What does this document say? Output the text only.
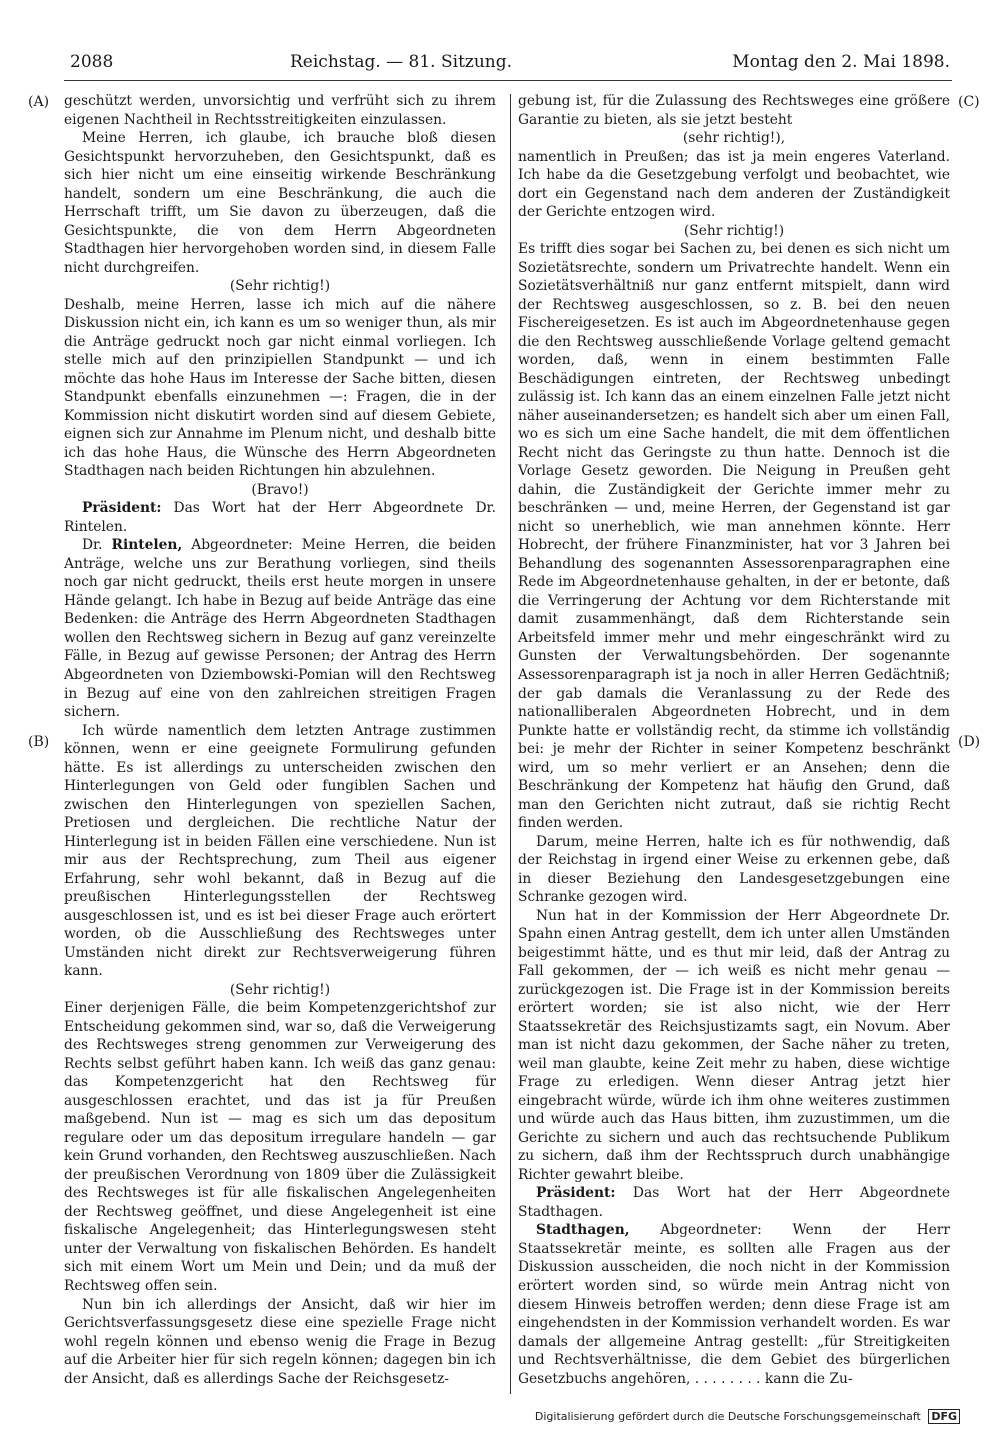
2088	Reichstag. — 81. Sitzung.	Montag den 2. Mai 1898.
(A)
(B)
(C)
(D)

geschützt werden, unvorsichtig und verfrüht sich zu ihrem eigenen Nachtheil in Rechtsstreitigkeiten einzulassen.

Meine Herren, ich glaube, ich brauche bloß diesen Gesichtspunkt hervorzuheben, den Gesichtspunkt, daß es sich hier nicht um eine einseitig wirkende Beschränkung handelt, sondern um eine Beschränkung, die auch die Herrschaft trifft, um Sie davon zu überzeugen, daß die Gesichtspunkte, die von dem Herrn Abgeordneten Stadthagen hier hervorgehoben worden sind, in diesem Falle nicht durchgreifen.

(Sehr richtig!)

Deshalb, meine Herren, lasse ich mich auf die nähere Diskussion nicht ein, ich kann es um so weniger thun, als mir die Anträge gedruckt noch gar nicht einmal vorliegen. Ich stelle mich auf den prinzipiellen Standpunkt — und ich möchte das hohe Haus im Interesse der Sache bitten, diesen Standpunkt ebenfalls einzunehmen —: Fragen, die in der Kommission nicht diskutirt worden sind auf diesem Gebiete, eignen sich zur Annahme im Plenum nicht, und deshalb bitte ich das hohe Haus, die Wünsche des Herrn Abgeordneten Stadthagen nach beiden Richtungen hin abzulehnen.

(Bravo!)

Präsident: Das Wort hat der Herr Abgeordnete Dr. Rintelen.

Dr. Rintelen, Abgeordneter: Meine Herren, die beiden Anträge, welche uns zur Berathung vorliegen, sind theils noch gar nicht gedruckt, theils erst heute morgen in unsere Hände gelangt. Ich habe in Bezug auf beide Anträge das eine Bedenken: die Anträge des Herrn Abgeordneten Stadthagen wollen den Rechtsweg sichern in Bezug auf ganz vereinzelte Fälle, in Bezug auf gewisse Personen; der Antrag des Herrn Abgeordneten von Dziembowski-Pomian will den Rechtsweg in Bezug auf eine von den zahlreichen streitigen Fragen sichern.

Ich würde namentlich dem letzten Antrage zustimmen können, wenn er eine geeignete Formulirung gefunden hätte. Es ist allerdings zu unterscheiden zwischen den Hinterlegungen von Geld oder fungiblen Sachen und zwischen den Hinterlegungen von speziellen Sachen, Pretiosen und dergleichen. Die rechtliche Natur der Hinterlegung ist in beiden Fällen eine verschiedene. Nun ist mir aus der Rechtsprechung, zum Theil aus eigener Erfahrung, sehr wohl bekannt, daß in Bezug auf die preußischen Hinterlegungsstellen der Rechtsweg ausgeschlossen ist, und es ist bei dieser Frage auch erörtert worden, ob die Ausschließung des Rechtsweges unter Umständen nicht direkt zur Rechtsverweigerung führen kann.

(Sehr richtig!)

Einer derjenigen Fälle, die beim Kompetenzgerichtshof zur Entscheidung gekommen sind, war so, daß die Verweigerung des Rechtsweges streng genommen zur Verweigerung des Rechts selbst geführt haben kann. Ich weiß das ganz genau: das Kompetenzgericht hat den Rechtsweg für ausgeschlossen erachtet, und das ist ja für Preußen maßgebend. Nun ist — mag es sich um das depositum regulare oder um das depositum irregulare handeln — gar kein Grund vorhanden, den Rechtsweg auszuschließen. Nach der preußischen Verordnung von 1809 über die Zulässigkeit des Rechtsweges ist für alle fiskalischen Angelegenheiten der Rechtsweg geöffnet, und diese Angelegenheit ist eine fiskalische Angelegenheit; das Hinterlegungswesen steht unter der Verwaltung von fiskalischen Behörden. Es handelt sich mit einem Wort um Mein und Dein; und da muß der Rechtsweg offen sein.

Nun bin ich allerdings der Ansicht, daß wir hier im Gerichtsverfassungsgesetz diese eine spezielle Frage nicht wohl regeln können und ebenso wenig die Frage in Bezug auf die Arbeiter hier für sich regeln können; dagegen bin ich der Ansicht, daß es allerdings Sache der Reichsgesetz-

gebung ist, für die Zulassung des Rechtsweges eine größere Garantie zu bieten, als sie jetzt besteht

(sehr richtig!),

namentlich in Preußen; das ist ja mein engeres Vaterland. Ich habe da die Gesetzgebung verfolgt und beobachtet, wie dort ein Gegenstand nach dem anderen der Zuständigkeit der Gerichte entzogen wird.

(Sehr richtig!)

Es trifft dies sogar bei Sachen zu, bei denen es sich nicht um Sozietätsrechte, sondern um Privatrechte handelt. Wenn ein Sozietätsverhältniß nur ganz entfernt mitspielt, dann wird der Rechtsweg ausgeschlossen, so z. B. bei den neuen Fischereigesetzen. Es ist auch im Abgeordnetenhause gegen die den Rechtsweg ausschließende Vorlage geltend gemacht worden, daß, wenn in einem bestimmten Falle Beschädigungen eintreten, der Rechtsweg unbedingt zulässig ist. Ich kann das an einem einzelnen Falle jetzt nicht näher auseinandersetzen; es handelt sich aber um einen Fall, wo es sich um eine Sache handelt, die mit dem öffentlichen Recht nicht das Geringste zu thun hatte. Dennoch ist die Vorlage Gesetz geworden. Die Neigung in Preußen geht dahin, die Zuständigkeit der Gerichte immer mehr zu beschränken — und, meine Herren, der Gegenstand ist gar nicht so unerheblich, wie man annehmen könnte. Herr Hobrecht, der frühere Finanzminister, hat vor 3 Jahren bei Behandlung des sogenannten Assessorenparagraphen eine Rede im Abgeordnetenhause gehalten, in der er betonte, daß die Verringerung der Achtung vor dem Richterstande mit damit zusammenhängt, daß dem Richterstande sein Arbeitsfeld immer mehr und mehr eingeschränkt wird zu Gunsten der Verwaltungsbehörden. Der sogenannte Assessorenparagraph ist ja noch in aller Herren Gedächtniß; der gab damals die Veranlassung zu der Rede des nationalliberalen Abgeordneten Hobrecht, und in dem Punkte hatte er vollständig recht, da stimme ich vollständig bei: je mehr der Richter in seiner Kompetenz beschränkt wird, um so mehr verliert er an Ansehen; denn die Beschränkung der Kompetenz hat häufig den Grund, daß man den Gerichten nicht zutraut, daß sie richtig Recht finden werden.

Darum, meine Herren, halte ich es für nothwendig, daß der Reichstag in irgend einer Weise zu erkennen gebe, daß in dieser Beziehung den Landesgesetzgebungen eine Schranke gezogen wird.

Nun hat in der Kommission der Herr Abgeordnete Dr. Spahn einen Antrag gestellt, dem ich unter allen Umständen beigestimmt hätte, und es thut mir leid, daß der Antrag zu Fall gekommen, der — ich weiß es nicht mehr genau — zurückgezogen ist. Die Frage ist in der Kommission bereits erörtert worden; sie ist also nicht, wie der Herr Staatssekretär des Reichsjustizamts sagt, ein Novum. Aber man ist nicht dazu gekommen, der Sache näher zu treten, weil man glaubte, keine Zeit mehr zu haben, diese wichtige Frage zu erledigen. Wenn dieser Antrag jetzt hier eingebracht würde, würde ich ihm ohne weiteres zustimmen und würde auch das Haus bitten, ihm zuzustimmen, um die Gerichte zu sichern und auch das rechtsuchende Publikum zu sichern, daß ihm der Rechtsspruch durch unabhängige Richter gewahrt bleibe.

Präsident: Das Wort hat der Herr Abgeordnete Stadthagen.

Stadthagen, Abgeordneter: Wenn der Herr Staatssekretär meinte, es sollten alle Fragen aus der Diskussion ausscheiden, die noch nicht in der Kommission erörtert worden sind, so würde mein Antrag nicht von diesem Hinweis betroffen werden; denn diese Frage ist am eingehendsten in der Kommission verhandelt worden. Es war damals der allgemeine Antrag gestellt: „für Streitigkeiten und Rechtsverhältnisse, die dem Gebiet des bürgerlichen Gesetzbuchs angehören, . . . . . . . . kann die Zu-

Digitalisierung gefördert durch die Deutsche Forschungsgemeinschaft DFG
